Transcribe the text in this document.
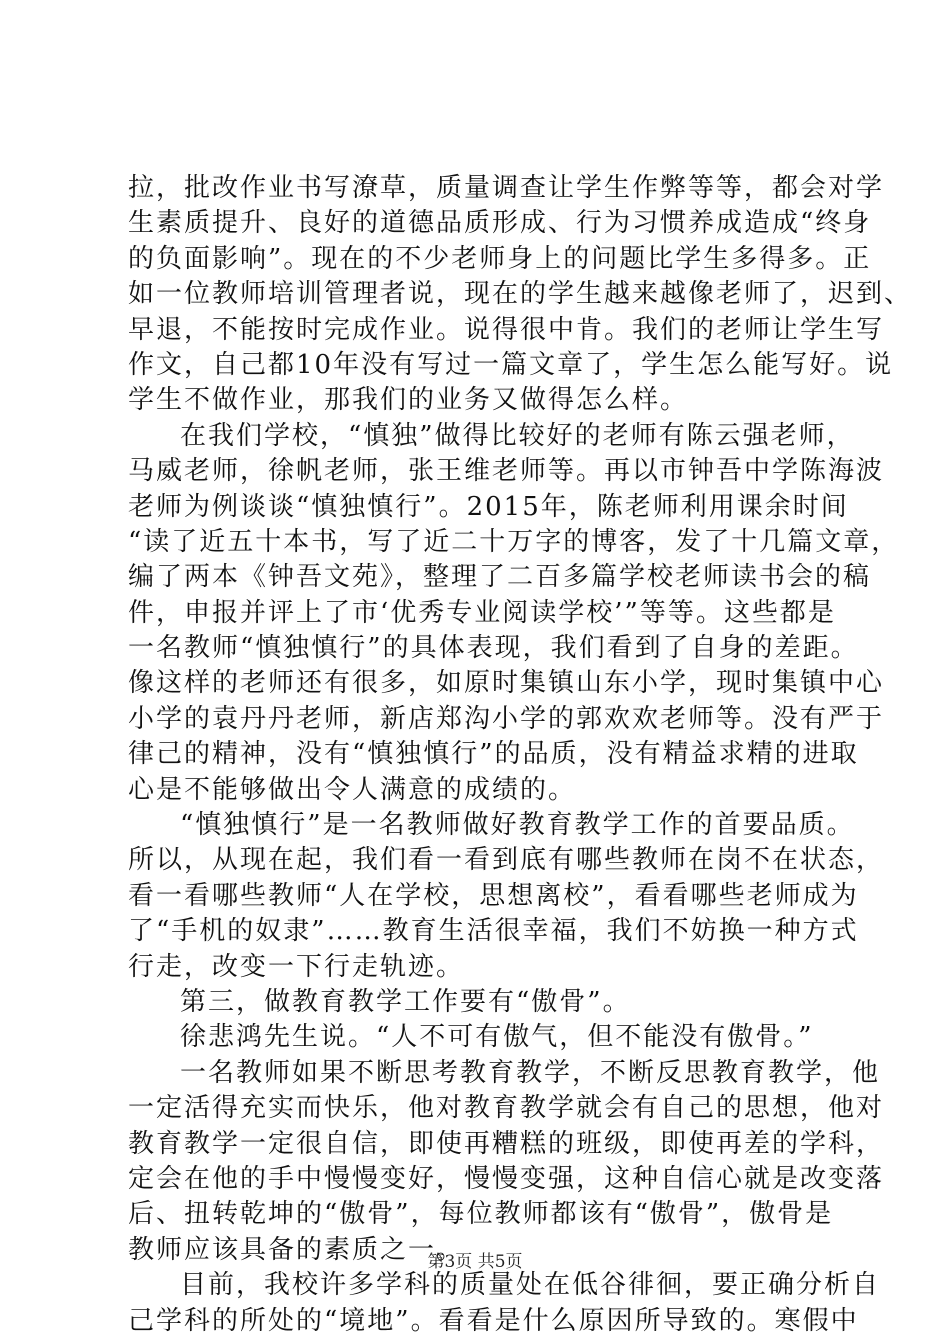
拉，批改作业书写潦草，质量调查让学生作弊等等，都会对学
生素质提升、良好的道德品质形成、行为习惯养成造成“终身
的负面影响”。现在的不少老师身上的问题比学生多得多。正
如一位教师培训管理者说，现在的学生越来越像老师了，迟到、
早退，不能按时完成作业。说得很中肯。我们的老师让学生写
作文，自己都10年没有写过一篇文章了，学生怎么能写好。说
学生不做作业，那我们的业务又做得怎么样。
在我们学校，“慎独”做得比较好的老师有陈云强老师，
马威老师，徐帆老师，张王维老师等。再以市钟吾中学陈海波
老师为例谈谈“慎独慎行”。2015年，陈老师利用课余时间
“读了近五十本书，写了近二十万字的博客，发了十几篇文章，
编了两本《钟吾文苑》，整理了二百多篇学校老师读书会的稿
件，申报并评上了市‘优秀专业阅读学校’”等等。这些都是
一名教师“慎独慎行”的具体表现，我们看到了自身的差距。
像这样的老师还有很多，如原时集镇山东小学，现时集镇中心
小学的袁丹丹老师，新店郑沟小学的郭欢欢老师等。没有严于
律己的精神，没有“慎独慎行”的品质，没有精益求精的进取
心是不能够做出令人满意的成绩的。
“慎独慎行”是一名教师做好教育教学工作的首要品质。
所以，从现在起，我们看一看到底有哪些教师在岗不在状态，
看一看哪些教师“人在学校，思想离校”，看看哪些老师成为
了“手机的奴隶”……教育生活很幸福，我们不妨换一种方式
行走，改变一下行走轨迹。
第三，做教育教学工作要有“傲骨”。
徐悲鸿先生说。“人不可有傲气，但不能没有傲骨。”
一名教师如果不断思考教育教学，不断反思教育教学，他
一定活得充实而快乐，他对教育教学就会有自己的思想，他对
教育教学一定很自信，即使再糟糕的班级，即使再差的学科，
定会在他的手中慢慢变好，慢慢变强，这种自信心就是改变落
后、扭转乾坤的“傲骨”，每位教师都该有“傲骨”，傲骨是
教师应该具备的素质之一。
目前，我校许多学科的质量处在低谷徘徊，要正确分析自
己学科的所处的“境地”。看看是什么原因所导致的。寒假中
第3页 共5页
